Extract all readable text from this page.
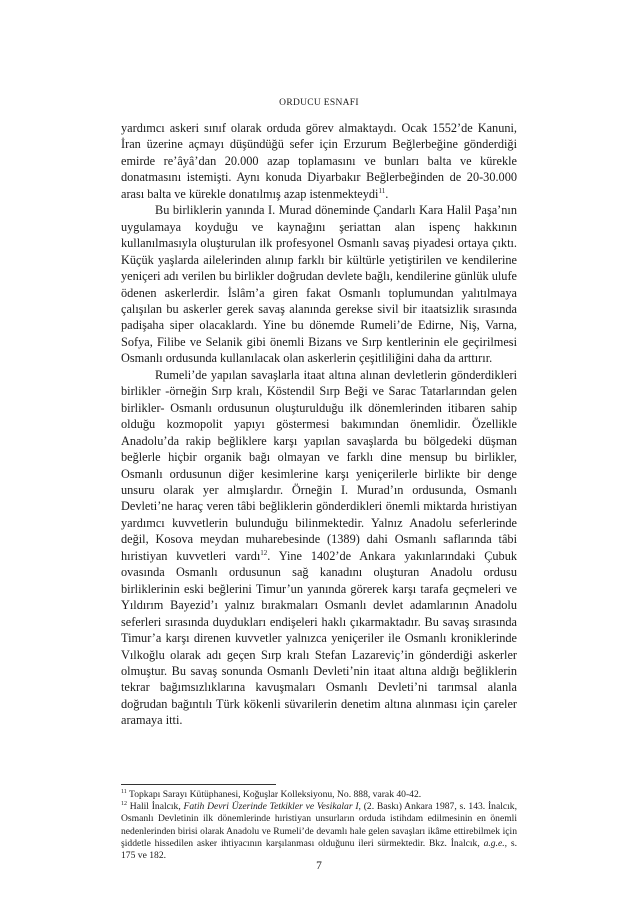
ORDUCU ESNAFI

yardımcı askeri sınıf olarak orduda görev almaktaydı. Ocak 1552’de Kanuni, İran üzerine açmayı düşündüğü sefer için Erzurum Beğlerbeğine gönderdiği emirde re’âyâ’dan 20.000 azap toplamasını ve bunları balta ve kürekle donatmasını istemişti. Aynı konuda Diyarbakır Beğlerbeğinden de 20-30.000 arası balta ve kürekle donatılmış azap istenmekteydi$^{11}$.

Bu birliklerin yanında I. Murad döneminde Çandarlı Kara Halil Paşa’nın uygulamaya koyduğu ve kaynağını şeriattan alan ispenç hakkının kullanılmasıyla oluşturulan ilk profesyonel Osmanlı savaş piyadesi ortaya çıktı. Küçük yaşlarda ailelerinden alınıp farklı bir kültürle yetiştirilen ve kendilerine yeniçeri adı verilen bu birlikler doğrudan devlete bağlı, kendilerine günlük ulufe ödenen askerlerdir. İslâm’a giren fakat Osmanlı toplumundan yalıtılmaya çalışılan bu askerler gerek savaş alanında gerekse sivil bir itaatsizlik sırasında padişaha siper olacaklardı. Yine bu dönemde Rumeli’de Edirne, Niş, Varna, Sofya, Filibe ve Selanik gibi önemli Bizans ve Sırp kentlerinin ele geçirilmesi Osmanlı ordusunda kullanılacak olan askerlerin çeşitliliğini daha da arttırır.

Rumeli’de yapılan savaşlarla itaat altına alınan devletlerin gönderdikleri birlikler -örneğin Sırp kralı, Köstendil Sırp Beği ve Sarac Tatarlarından gelen birlikler- Osmanlı ordusunun oluşturulduğu ilk dönemlerinden itibaren sahip olduğu kozmopolit yapıyı göstermesi bakımından önemlidir. Özellikle Anadolu’da rakip beğliklere karşı yapılan savaşlarda bu bölgedeki düşman beğlerle hiçbir organik bağı olmayan ve farklı dine mensup bu birlikler, Osmanlı ordusunun diğer kesimlerine karşı yeniçerilerle birlikte bir denge unsuru olarak yer almışlardır. Örneğin I. Murad’ın ordusunda, Osmanlı Devleti’ne haraç veren tâbi beğliklerin gönderdikleri önemli miktarda hıristiyan yardımcı kuvvetlerin bulunduğu bilinmektedir. Yalnız Anadolu seferlerinde değil, Kosova meydan muharebesinde (1389) dahi Osmanlı saflarında tâbi hıristiyan kuvvetleri vardı$^{12}$. Yine 1402’de Ankara yakınlarındaki Çubuk ovasında Osmanlı ordusunun sağ kanadını oluşturan Anadolu ordusu birliklerinin eski beğlerini Timur’un yanında görerek karşı tarafa geçmeleri ve Yıldırım Bayezid’ı yalnız bırakmaları Osmanlı devlet adamlarının Anadolu seferleri sırasında duydukları endişeleri haklı çıkarmaktadır. Bu savaş sırasında Timur’a karşı direnen kuvvetler yalnızca yeniçeriler ile Osmanlı kroniklerinde Vılkoğlu olarak adı geçen Sırp kralı Stefan Lazareviç’in gönderdiği askerler olmuştur. Bu savaş sonunda Osmanlı Devleti’nin itaat altına aldığı beğliklerin tekrar bağımsızlıklarına kavuşmaları Osmanlı Devleti’ni tarımsal alanla doğrudan bağıntılı Türk kökenli süvarilerin denetim altına alınması için çareler aramaya itti.

$^{11}$ Topkapı Sarayı Kütüphanesi, Koğuşlar Kolleksiyonu, No. 888, varak 40-42.

$^{12}$ Halil İnalcık, Fatih Devri Üzerinde Tetkikler ve Vesikalar I, (2. Baskı) Ankara 1987, s. 143. İnalcık, Osmanlı Devletinin ilk dönemlerinde hıristiyan unsurların orduda istihdam edilmesinin en önemli nedenlerinden birisi olarak Anadolu ve Rumeli’de devamlı hale gelen savaşları ikâme ettirebilmek için şiddetle hissedilen asker ihtiyacının karşılanması olduğunu ileri sürmektedir. Bkz. İnalcık, a.g.e., s. 175 ve 182.

7
